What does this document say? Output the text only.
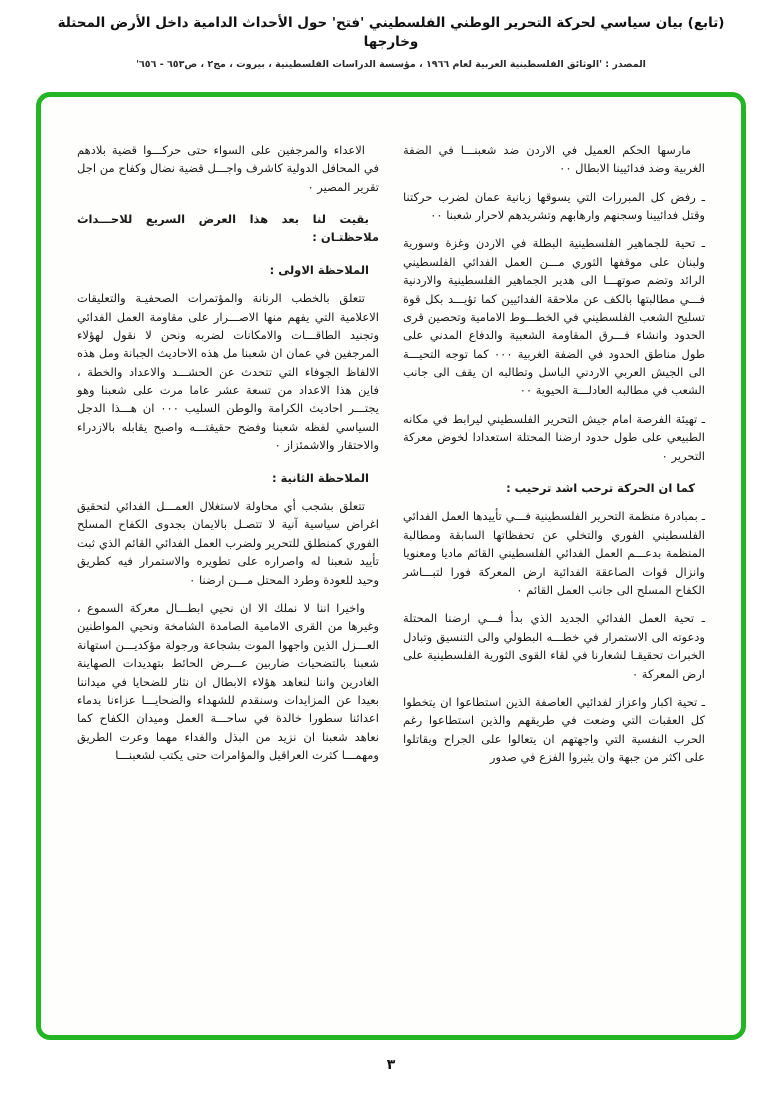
(تابع) بيان سياسي لحركة التحرير الوطني الفلسطيني 'فتح' حول الأحداث الدامية داخل الأرض المحتلة وخارجها
المصدر : 'الوثائق الفلسطينية العربية لعام ١٩٦٦ ، مؤسسة الدراسات الفلسطينية ، بيروت ، مج٢ ، ص٦٥٣ - ٦٥٦'

مارسها الحكم العميل في الاردن ضد شعبنـــا في الضفة الغربية وضد فدائيينا الابطال ٠٠

ـ رفض كل المبررات التي يسوقها زبانية عمان لضرب حركتنا وقتل فدائيينا وسجنهم وارهابهم وتشريدهم لاحرار شعبنا ٠٠

ـ تحية للجماهير الفلسطينية البطلة في الاردن وغزة وسورية ولبنان على موقفها الثوري مـــن العمل الفدائي الفلسطيني الرائد وتضم صوتهـــا الى هدير الجماهير الفلسطينية والاردنية فـــي مطالبتها بالكف عن ملاحقة الفدائيين كما تؤيـــد بكل قوة تسليح الشعب الفلسطيني في الخطـــوط الامامية وتحصين قرى الحدود وانشاء فـــرق المقاومة الشعبية والدفاع المدني على طول مناطق الحدود في الضفة الغربية ٠٠٠ كما توجه التحيـــة الى الجيش العربي الاردني الباسل وتطالبه ان يقف الى جانب الشعب في مطالبه العادلـــة الحيوية ٠٠

ـ تهيئة الفرصة امام جيش التحرير الفلسطيني ليرابط في مكانه الطبيعي على طول حدود ارضنا المحتلة استعدادا لخوض معركة التحرير ٠

كما ان الحركة ترحب اشد ترحيب :

ـ بمبادرة منظمة التحرير الفلسطينية فـــي تأييدها العمل الفدائي الفلسطيني الفوري والتخلي عن تحفظاتها السابقة ومطالبة المنظمة بدعـــم العمل الفدائي الفلسطيني القائم ماديا ومعنويا وانزال قوات الصاعقة الفدائية ارض المعركة فورا لتبـــاشر الكفاح المسلح الى جانب العمل القائم ٠

ـ تحية العمل الفدائي الجديد الذي بدأ فـــي ارضنا المحتلة ودعوته الى الاستمرار في خطـــه البطولي والى التنسيق وتبادل الخبرات تحقيقـا لشعارنا في لقاء القوى الثورية الفلسطينية على ارض المعركة ٠

ـ تحية اكبار واعزاز لفدائيي العاصفة الذين استطاعوا ان يتخطوا كل العقبات التي وضعت في طريقهم والذين استطاعوا رغم الحرب النفسية التي واجهتهم ان يتعالوا على الجراح ويقاتلوا على اكثر من جبهة وان يثيروا الفزع في صدور

الاعداء والمرجفين على السواء حتى حركـــوا قضية بلادهم في المحافل الدولية كاشرف واجـــل قضية نضال وكفاح من اجل تقرير المصير ٠

بقيت لنا بعد هذا العرض السريع للاحـــداث ملاحظتـان :

الملاحظة الاولى :

تتعلق بالخطب الرنانة والمؤتمرات الصحفيـة والتعليقات الاعلامية التي يفهم منها الاصـــرار على مقاومة العمل الفدائي وتجنيد الطاقـــات والامكانات لضربه ونحن لا نقول لهؤلاء المرجفين في عمان ان شعبنا مل هذه الاحاديث الجبانة ومل هذه الالفاظ الجوفاء التي تتحدث عن الحشـــد والاعداد والخطة ، فاين هذا الاعداد من تسعة عشر عاما مرت على شعبنا وهو يجتـــر احاديث الكرامة والوطن السليب ٠٠٠ ان هـــذا الدجل السياسي لفظه شعبنا وفضح حقيقتـــه واصبح يقابله بالازدراء والاحتقار والاشمئزاز ٠

الملاحظة الثانية :

تتعلق بشجب أي محاولة لاستغلال العمـــل الفدائي لتحقيق اغراض سياسية آنية لا تتصـل بالايمان بجدوى الكفاح المسلح الفوري كمنطلق للتحرير ولضرب العمل الفدائي القائم الذي ثبت تأييد شعبنا له واصراره على تطويره والاستمرار فيه كطريق وحيد للعودة وطرد المحتل مـــن ارضنا ٠

واخيرا اننا لا نملك الا ان نحيي ابطـــال معركة السموع ، وغيرها من القرى الامامية الصامدة الشامخة ونحيي المواطنين العـــزل الذين واجهوا الموت بشجاعة ورجولة مؤكديـــن استهانة شعبنا بالتضحيات ضاربين عـــرض الحائط بتهديدات الصهاينة الغادرين واننا لنعاهد هؤلاء الابطال ان نثار للضحايا في ميداننا بعيدا عن المزايدات وسنقدم للشهداء والضحايـــا عزاءنا بدماء اعدائنا سطورا خالدة في ساحـــة العمل وميدان الكفاح كما نعاهد شعبنا ان نزيد من البذل والفداء مهما وعرت الطريق ومهمـــا كثرت العراقيل والمؤامرات حتى يكتب لشعبنـــا

٣
